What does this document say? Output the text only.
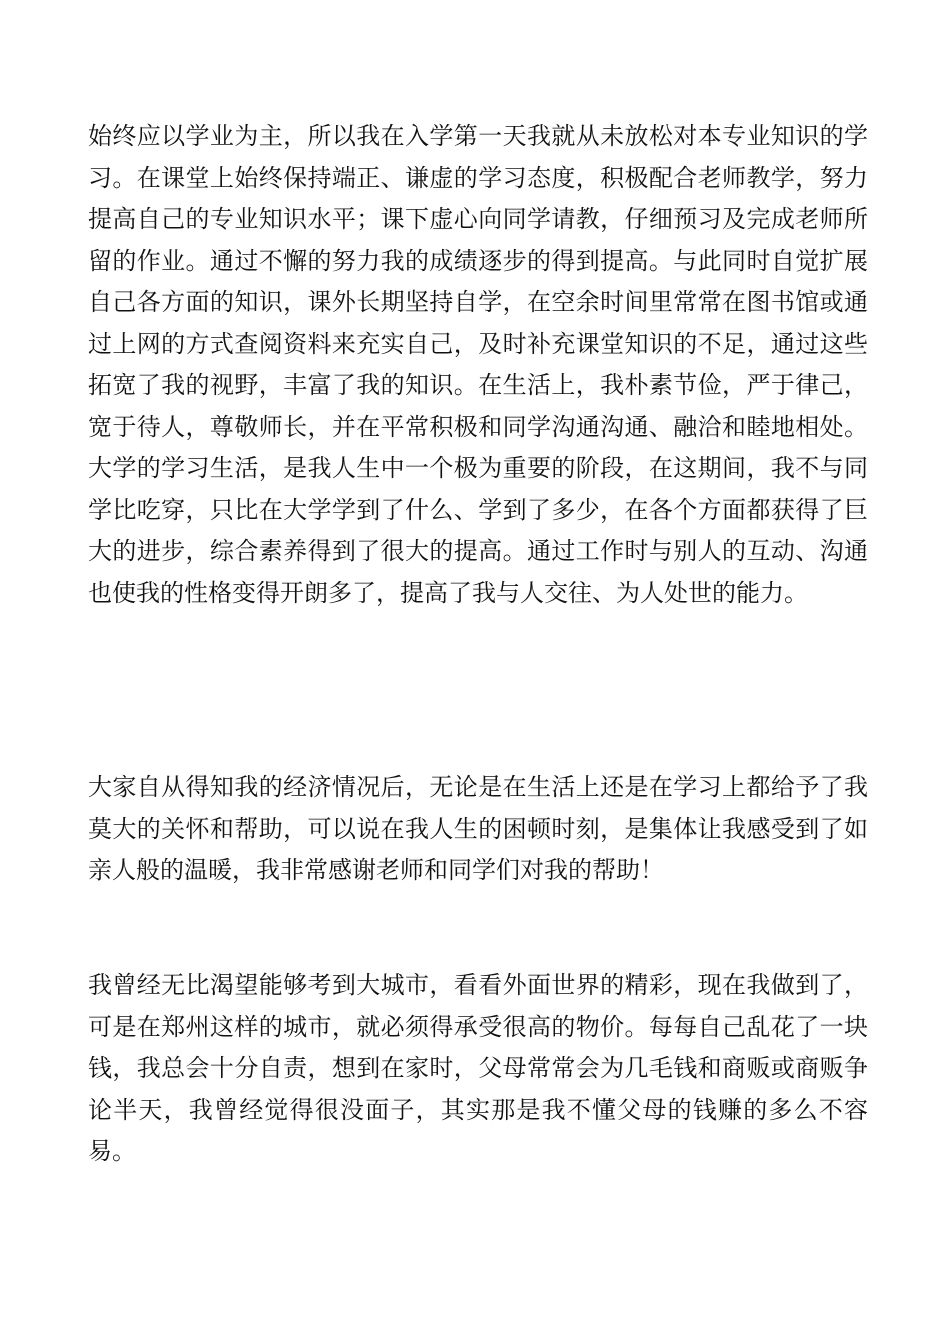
始终应以学业为主，所以我在入学第一天我就从未放松对本专业知识的学习。在课堂上始终保持端正、谦虚的学习态度，积极配合老师教学，努力提高自己的专业知识水平；课下虚心向同学请教，仔细预习及完成老师所留的作业。通过不懈的努力我的成绩逐步的得到提高。与此同时自觉扩展自己各方面的知识，课外长期坚持自学，在空余时间里常常在图书馆或通过上网的方式查阅资料来充实自己，及时补充课堂知识的不足，通过这些拓宽了我的视野，丰富了我的知识。在生活上，我朴素节俭，严于律己，宽于待人，尊敬师长，并在平常积极和同学沟通沟通、融洽和睦地相处。大学的学习生活，是我人生中一个极为重要的阶段，在这期间，我不与同学比吃穿，只比在大学学到了什么、学到了多少，在各个方面都获得了巨大的进步，综合素养得到了很大的提高。通过工作时与别人的互动、沟通也使我的性格变得开朗多了，提高了我与人交往、为人处世的能力。

大家自从得知我的经济情况后，无论是在生活上还是在学习上都给予了我莫大的关怀和帮助，可以说在我人生的困顿时刻，是集体让我感受到了如亲人般的温暖，我非常感谢老师和同学们对我的帮助！

我曾经无比渴望能够考到大城市，看看外面世界的精彩，现在我做到了，可是在郑州这样的城市，就必须得承受很高的物价。每每自己乱花了一块钱，我总会十分自责，想到在家时，父母常常会为几毛钱和商贩或商贩争论半天，我曾经觉得很没面子，其实那是我不懂父母的钱赚的多么不容易。
